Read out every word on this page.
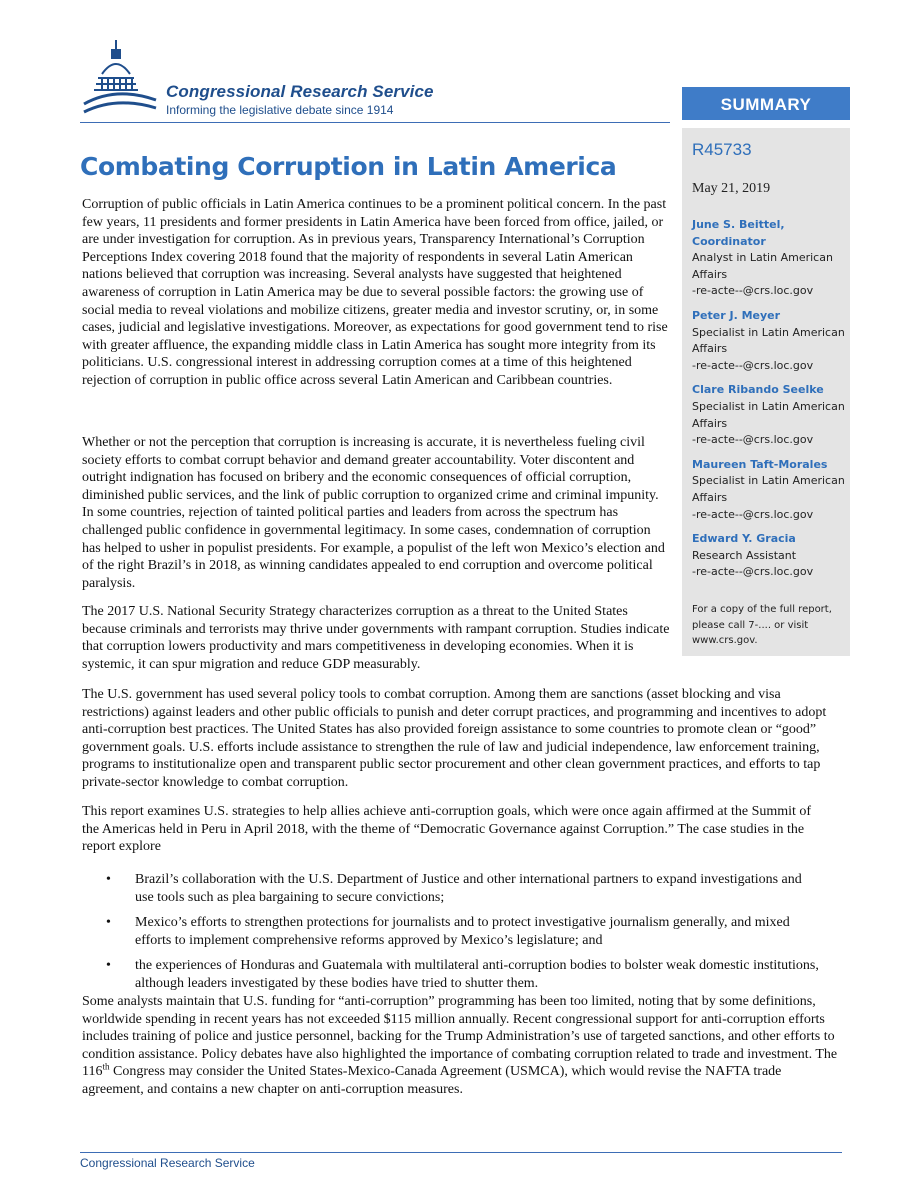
Congressional Research Service
Informing the legislative debate since 1914	SUMMARY
R45733
May 21, 2019
June S. Beittel,
Coordinator
Analyst in Latin American Affairs
-re-acte--@crs.loc.gov
Peter J. Meyer
Specialist in Latin American Affairs
-re-acte--@crs.loc.gov
Clare Ribando Seelke
Specialist in Latin American Affairs
-re-acte--@crs.loc.gov
Maureen Taft-Morales
Specialist in Latin American Affairs
-re-acte--@crs.loc.gov
Edward Y. Gracia
Research Assistant
-re-acte--@crs.loc.gov
For a copy of the full report, please call 7-.... or visit www.crs.gov.
Combating Corruption in Latin America

Corruption of public officials in Latin America continues to be a prominent political concern. In the past few years, 11 presidents and former presidents in Latin America have been forced from office, jailed, or are under investigation for corruption. As in previous years, Transparency International’s Corruption Perceptions Index covering 2018 found that the majority of respondents in several Latin American nations believed that corruption was increasing. Several analysts have suggested that heightened awareness of corruption in Latin America may be due to several possible factors: the growing use of social media to reveal violations and mobilize citizens, greater media and investor scrutiny, or, in some cases, judicial and legislative investigations. Moreover, as expectations for good government tend to rise with greater affluence, the expanding middle class in Latin America has sought more integrity from its politicians. U.S. congressional interest in addressing corruption comes at a time of this heightened rejection of corruption in public office across several Latin American and Caribbean countries.

Whether or not the perception that corruption is increasing is accurate, it is nevertheless fueling civil society efforts to combat corrupt behavior and demand greater accountability. Voter discontent and outright indignation has focused on bribery and the economic consequences of official corruption, diminished public services, and the link of public corruption to organized crime and criminal impunity. In some countries, rejection of tainted political parties and leaders from across the spectrum has challenged public confidence in governmental legitimacy. In some cases, condemnation of corruption has helped to usher in populist presidents. For example, a populist of the left won Mexico’s election and of the right Brazil’s in 2018, as winning candidates appealed to end corruption and overcome political paralysis.

The 2017 U.S. National Security Strategy characterizes corruption as a threat to the United States because criminals and terrorists may thrive under governments with rampant corruption. Studies indicate that corruption lowers productivity and mars competitiveness in developing economies. When it is systemic, it can spur migration and reduce GDP measurably.

The U.S. government has used several policy tools to combat corruption. Among them are sanctions (asset blocking and visa restrictions) against leaders and other public officials to punish and deter corrupt practices, and programming and incentives to adopt anti-corruption best practices. The United States has also provided foreign assistance to some countries to promote clean or “good” government goals. U.S. efforts include assistance to strengthen the rule of law and judicial independence, law enforcement training, programs to institutionalize open and transparent public sector procurement and other clean government practices, and efforts to tap private-sector knowledge to combat corruption.

This report examines U.S. strategies to help allies achieve anti-corruption goals, which were once again affirmed at the Summit of the Americas held in Peru in April 2018, with the theme of “Democratic Governance against Corruption.” The case studies in the report explore

• Brazil’s collaboration with the U.S. Department of Justice and other international partners to expand investigations and use tools such as plea bargaining to secure convictions;
• Mexico’s efforts to strengthen protections for journalists and to protect investigative journalism generally, and mixed efforts to implement comprehensive reforms approved by Mexico’s legislature; and
• the experiences of Honduras and Guatemala with multilateral anti-corruption bodies to bolster weak domestic institutions, although leaders investigated by these bodies have tried to shutter them.

Some analysts maintain that U.S. funding for “anti-corruption” programming has been too limited, noting that by some definitions, worldwide spending in recent years has not exceeded $115 million annually. Recent congressional support for anti-corruption efforts includes training of police and justice personnel, backing for the Trump Administration’s use of targeted sanctions, and other efforts to condition assistance. Policy debates have also highlighted the importance of combating corruption related to trade and investment. The 116th Congress may consider the United States-Mexico-Canada Agreement (USMCA), which would revise the NAFTA trade agreement, and contains a new chapter on anti-corruption measures.

Congressional Research Service
